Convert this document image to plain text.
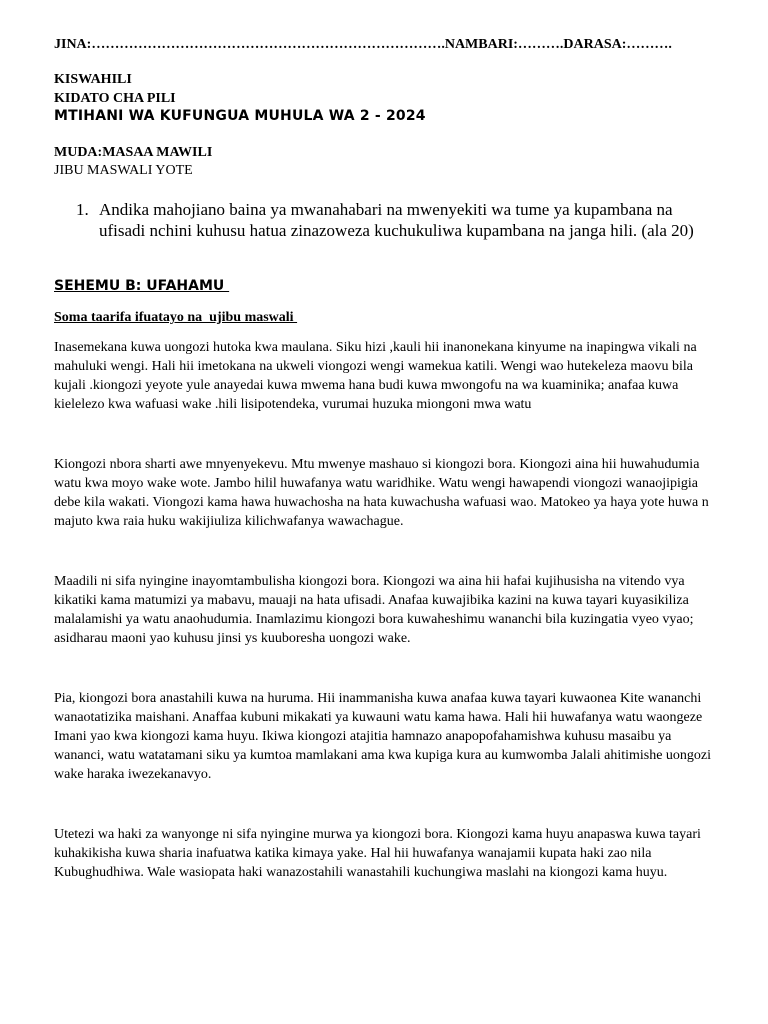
JINA:………………………………………………………………….NAMBARI:……….DARASA:……….
KISWAHILI
KIDATO CHA PILI
MTIHANI WA KUFUNGUA MUHULA WA 2 - 2024
MUDA:MASAA MAWILI
JIBU MASWALI YOTE
1. Andika mahojiano baina ya mwanahabari na mwenyekiti wa tume ya kupambana na ufisadi nchini kuhusu hatua zinazoweza kuchukuliwa kupambana na janga hili. (ala 20)
SEHEMU B: UFAHAMU
Soma taarifa ifuatayo na  ujibu maswali
Inasemekana kuwa uongozi hutoka kwa maulana. Siku hizi ,kauli hii inanonekana kinyume na inapingwa vikali na mahuluki wengi. Hali hii imetokana na ukweli viongozi wengi wamekua katili. Wengi wao hutekeleza maovu bila kujali .kiongozi yeyote yule anayedai kuwa mwema hana budi kuwa mwongofu na wa kuaminika; anafaa kuwa kielelezo kwa wafuasi wake .hili lisipotendeka, vurumai huzuka miongoni mwa watu
Kiongozi nbora sharti awe mnyenyekevu. Mtu mwenye mashauo si kiongozi bora. Kiongozi aina hii huwahudumia watu kwa moyo wake wote. Jambo hilil huwafanya watu waridhike. Watu wengi hawapendi viongozi wanaojipigia debe kila wakati. Viongozi kama hawa huwachosha na hata kuwachusha wafuasi wao. Matokeo ya haya yote huwa n majuto kwa raia huku wakijiuliza kilichwafanya wawachague.
Maadili ni sifa nyingine inayomtambulisha kiongozi bora. Kiongozi wa aina hii hafai kujihusisha na vitendo vya kikatiki kama matumizi ya mabavu, mauaji na hata ufisadi. Anafaa kuwajibika kazini na kuwa tayari kuyasikiliza malalamishi ya watu anaohudumia. Inamlazimu kiongozi bora kuwaheshimu wananchi bila kuzingatia vyeo vyao; asidharau maoni yao kuhusu jinsi ys kuuboresha uongozi wake.
Pia, kiongozi bora anastahili kuwa na huruma. Hii inammanisha kuwa anafaa kuwa tayari kuwaonea Kite wananchi wanaotatizika maishani. Anaffaa kubuni mikakati ya kuwauni watu kama hawa. Hali hii huwafanya watu waongeze Imani yao kwa kiongozi kama huyu. Ikiwa kiongozi atajitia hamnazo anapopofahamishwa kuhusu masaibu ya wananci, watu watatamani siku ya kumtoa mamlakani ama kwa kupiga kura au kumwomba Jalali ahitimishe uongozi wake haraka iwezekanavyo.
Utetezi wa haki za wanyonge ni sifa nyingine murwa ya kiongozi bora. Kiongozi kama huyu anapaswa kuwa tayari kuhakikisha kuwa sharia inafuatwa katika kimaya yake. Hal hii huwafanya wanajamii kupata haki zao nila Kubughudhiwa. Wale wasiopata haki wanazostahili wanastahili kuchungiwa maslahi na kiongozi kama huyu.
